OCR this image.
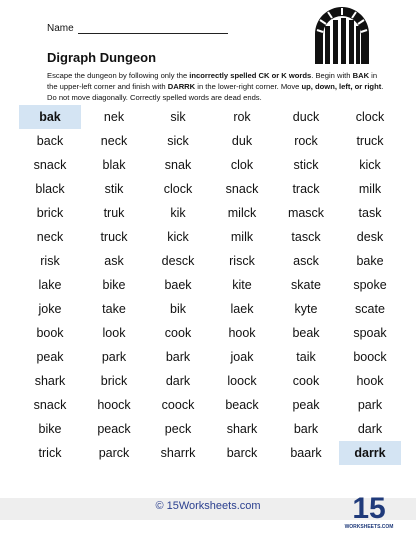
Name
Digraph Dungeon
Escape the dungeon by following only the incorrectly spelled CK or K words. Begin with BAK in the upper-left corner and finish with DARRK in the lower-right corner. Move up, down, left, or right. Do not move diagonally. Correctly spelled words are dead ends.
bak	nek	sik	rok	duck	clock
back	neck	sick	duk	rock	truck
snack	blak	snak	clok	stick	kick
black	stik	clock	snack	track	milk
brick	truk	kik	milck	masck	task
neck	truck	kick	milk	tasck	desk
risk	ask	desck	risck	asck	bake
lake	bike	baek	kite	skate	spoke
joke	take	bik	laek	kyte	scate
book	look	cook	hook	beak	spoak
peak	park	bark	joak	taik	boock
shark	brick	dark	loock	cook	hook
snack	hoock	coock	beack	peak	park
bike	peack	peck	shark	bark	dark
trick	parck	sharrk	barck	baark	darrk
© 15Worksheets.com	15
WORKSHEETS.COM
